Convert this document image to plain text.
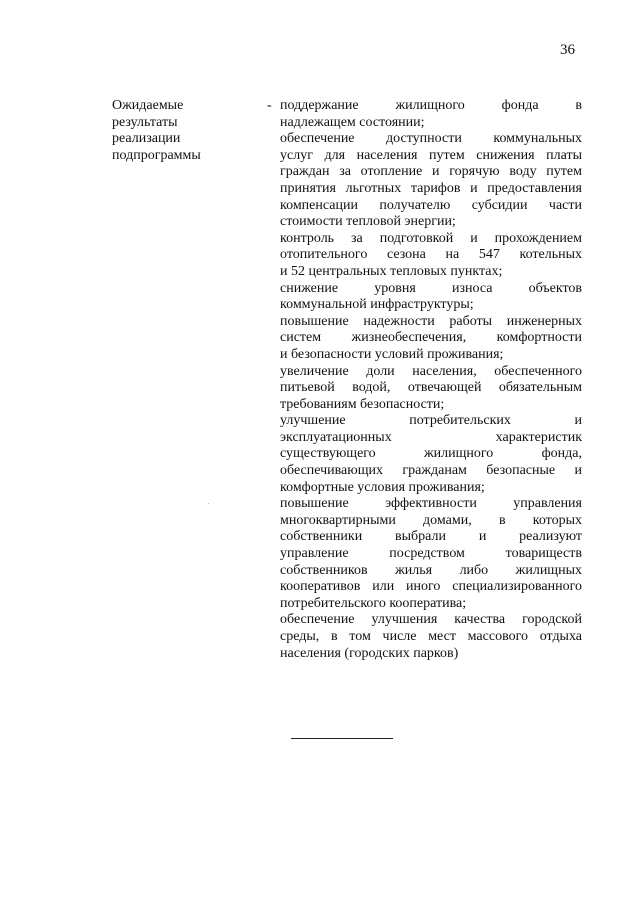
36
Ожидаемые
результаты
реализации
подпрограммы
- поддержание жилищного фонда в
надлежащем состоянии;
обеспечение доступности коммунальных
услуг для населения путем снижения платы
граждан за отопление и горячую воду путем
принятия льготных тарифов и предоставления
компенсации получателю субсидии части
стоимости тепловой энергии;
контроль за подготовкой и прохождением
отопительного сезона на 547 котельных
и 52 центральных тепловых пунктах;
снижение уровня износа объектов
коммунальной инфраструктуры;
повышение надежности работы инженерных
систем жизнеобеспечения, комфортности
и безопасности условий проживания;
увеличение доли населения, обеспеченного
питьевой водой, отвечающей обязательным
требованиям безопасности;
улучшение потребительских и
эксплуатационных характеристик
существующего жилищного фонда,
обеспечивающих гражданам безопасные и
комфортные условия проживания;
повышение эффективности управления
многоквартирными домами, в которых
собственники выбрали и реализуют
управление посредством товариществ
собственников жилья либо жилищных
кооперативов или иного специализированного
потребительского кооператива;
обеспечение улучшения качества городской
среды, в том числе мест массового отдыха
населения (городских парков)
